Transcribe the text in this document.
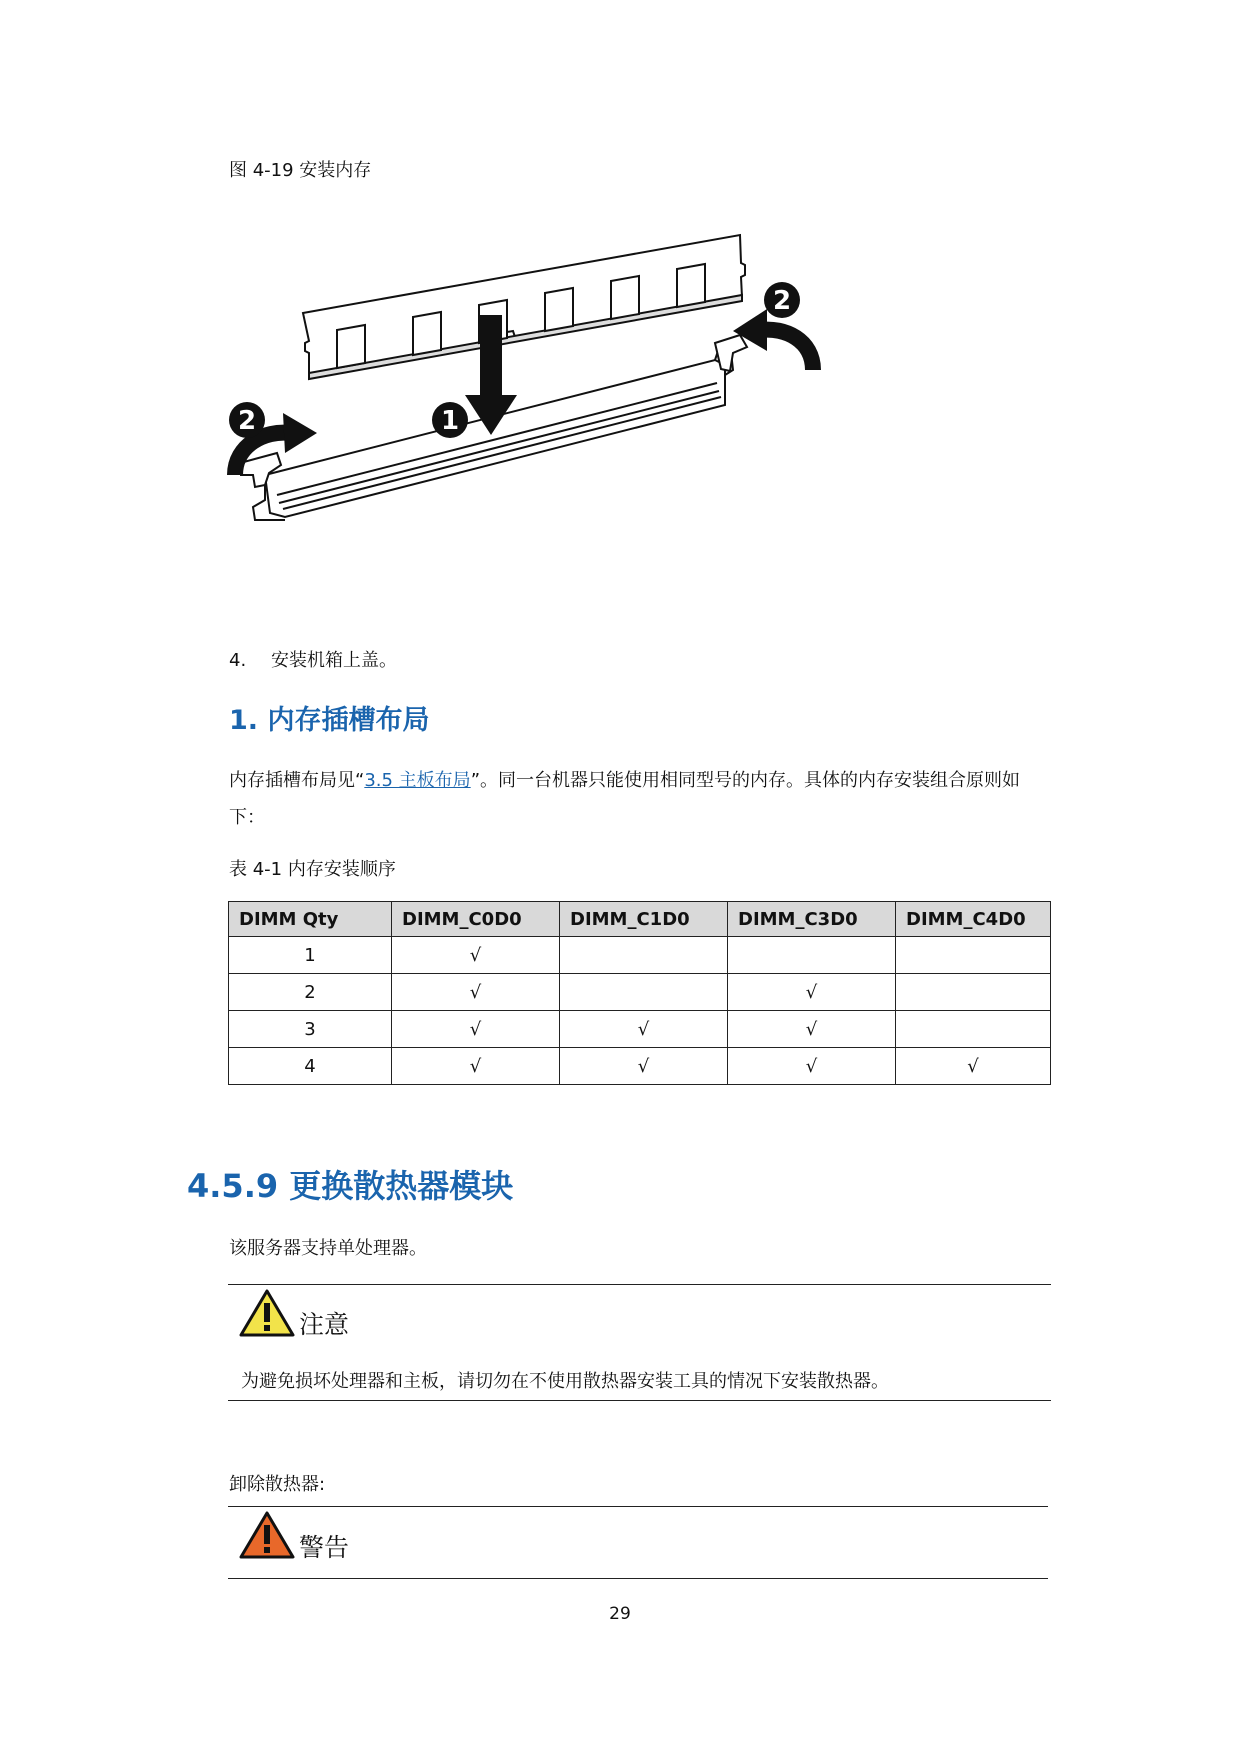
图 4-19 安装内存
1
2
2
4. 安装机箱上盖。
1. 内存插槽布局
内存插槽布局见“3.5 主板布局”。同一台机器只能使用相同型号的内存。具体的内存安装组合原则如下：
表 4-1 内存安装顺序
DIMM Qty	DIMM_C0D0	DIMM_C1D0	DIMM_C3D0	DIMM_C4D0
1	√			
2	√		√	
3	√	√	√	
4	√	√	√	√
4.5.9 更换散热器模块
该服务器支持单处理器。
注意
为避免损坏处理器和主板，请切勿在不使用散热器安装工具的情况下安装散热器。
卸除散热器:
警告
29
